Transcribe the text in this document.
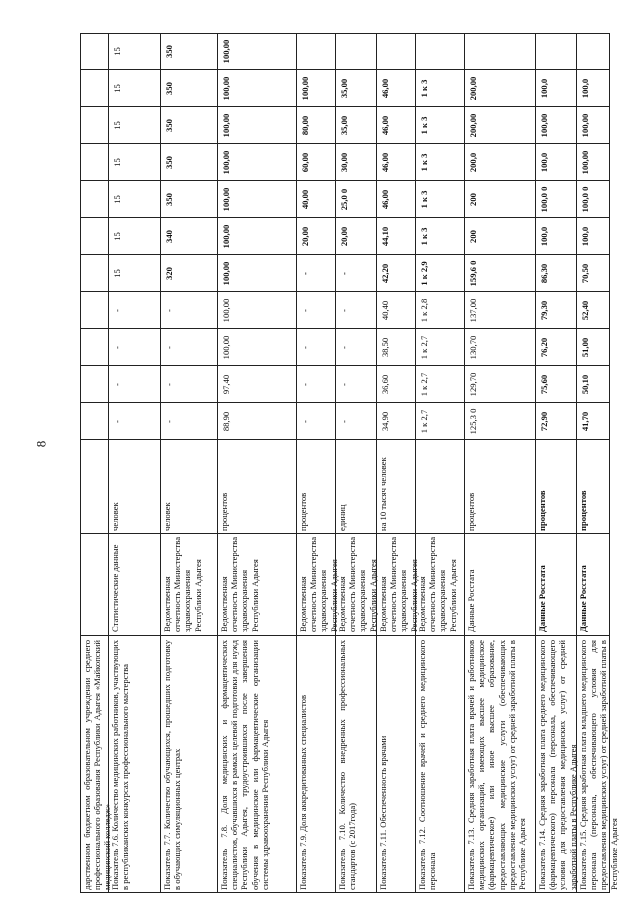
8
дарственном бюджетном образовательном учреждении среднего профессионального образования Республики Адыгея «Майкопский медицинский колледж»
Показатель 7.6. Количество медицинских работников, участвующих в республиканских конкурсах профессионального мастерства
Статистические данные
человек
-
-
-
-
15
15
15
15
15
15
15
Показатель 7.7. Количество обучающихся, прошедших подготовку в обучающих симуляционных центрах
Ведомственная отчетность Министерства здравоохранения Республики Адыгея
человек
-
-
-
-
320
340
350
350
350
350
350
Показатель 7.8. Доля медицинских и фармацевтических специалистов, обучавшихся в рамках целевой подготовки для нужд Республики Адыгея, трудоустроившихся после завершения обучения в медицинские или фармацевтические организации системы здравоохранения Республики Адыгея
Ведомственная отчетность Министерства здравоохранения Республики Адыгея
процентов
88,90
97,40
100,00
100,00
100,00
100,00
100,00
100,00
100,00
100,00
100,00
Показатель 7.9. Доля аккредитованных специалистов
Ведомственная отчетность Министерства здравоохранения Республики Адыгея
процентов
-
-
-
-
-
20,00
40,00
60,00
80,00
100,00
Показатель 7.10. Количество внедренных профессиональных стандартов (с 2017года)
Ведомственная отчетность Министерства здравоохранения Республики Адыгея
единиц
-
-
-
-
-
20,00
25,0 0
30,00
35,00
35,00
Показатель 7.11. Обеспеченность врачами
Ведомственная отчетность Министерства здравоохранения Республики Адыгея
на 10 тысяч человек
34,90
36,60
38,50
40,40
42,20
44,10
46,00
46,00
46,00
46,00
Показатель 7.12. Соотношение врачей и среднего медицинского персонала
Ведомственная отчетность Министерства здравоохранения Республики Адыгея
1 к 2,7
1 к 2,7
1 к 2,7
1 к 2,8
1 к 2,9
1 к 3
1 к 3
1 к 3
1 к 3
1 к 3
Показатель 7.13. Средняя заработная плата врачей и работников медицинских организаций, имеющих высшее медицинское (фармацевтическое) или иное высшее образование, предоставляющих медицинские услуги (обеспечивающих предоставление медицинских услуг) от средней заработной платы в Республике Адыгея
Данные Росстата
процентов
125,3 0
129,70
130,70
137,00
159,6 0
200
200
200,0
200,00
200,00
Показатель 7.14. Средняя заработная плата среднего медицинского (фармацевтического) персонала (персонала, обеспечивающего условия для предоставления медицинских услуг) от средней заработной платы в Республике Адыгея
Данные Росстата
процентов
72,90
75,60
76,20
79,30
86,30
100,0
100,0 0
100,0
100,00
100,0
Показатель 7.15. Средняя заработная плата младшего медицинского персонала (персонала, обеспечивающего условия для предоставления медицинских услуг) от средней заработной платы в Республике Адыгея
Данные Росстата
процентов
41,70
50,10
51,00
52,40
70,50
100,0
100,0 0
100,00
100,00
100,0
